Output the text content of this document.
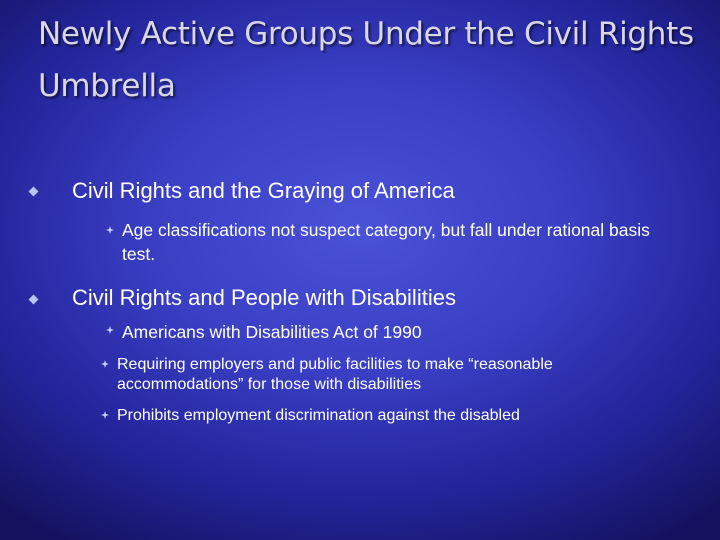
Newly Active Groups Under the Civil Rights Umbrella

Civil Rights and the Graying of America

Age classifications not suspect category, but fall under rational basis test.

Civil Rights and People with Disabilities

Americans with Disabilities Act of 1990

Requiring employers and public facilities to make “reasonable accommodations” for those with disabilities

Prohibits employment discrimination against the disabled
